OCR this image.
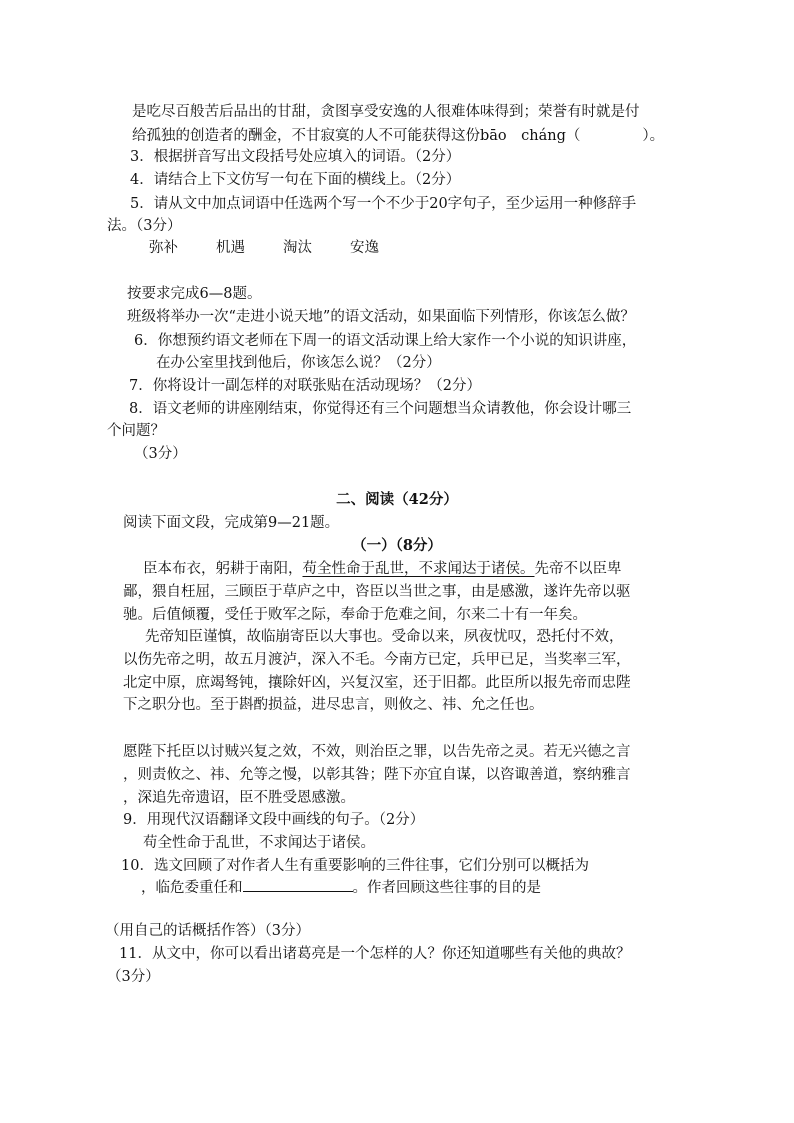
是吃尽百般苦后品出的甘甜，贪图享受安逸的人很难体味得到；荣誉有时就是付
给孤独的创造者的酬金，不甘寂寞的人不可能获得这份bāo　cháng（	）。
3．根据拼音写出文段括号处应填入的词语。（2分）
4．请结合上下文仿写一句在下面的横线上。（2分）
5．请从文中加点词语中任选两个写一个不少于20字句子，至少运用一种修辞手
法。（3分）
弥补	机遇	淘汰	安逸
按要求完成6—8题。
班级将举办一次“走进小说天地”的语文活动，如果面临下列情形，你该怎么做？
6．你想预约语文老师在下周一的语文活动课上给大家作一个小说的知识讲座，
在办公室里找到他后，你该怎么说？（2分）
7．你将设计一副怎样的对联张贴在活动现场？（2分）
8．语文老师的讲座刚结束，你觉得还有三个问题想当众请教他，你会设计哪三
个问题？
（3分）
二、阅读（42分）
阅读下面文段，完成第9—21题。
（一）（8分）
臣本布衣，躬耕于南阳，苟全性命于乱世，不求闻达于诸侯。先帝不以臣卑
鄙，猥自枉屈，三顾臣于草庐之中，咨臣以当世之事，由是感激，遂许先帝以驱
驰。后值倾覆，受任于败军之际，奉命于危难之间，尔来二十有一年矣。
先帝知臣谨慎，故临崩寄臣以大事也。受命以来，夙夜忧叹，恐托付不效，
以伤先帝之明，故五月渡泸，深入不毛。今南方已定，兵甲已足，当奖率三军，
北定中原，庶竭驽钝，攘除奸凶，兴复汉室，还于旧都。此臣所以报先帝而忠陛
下之职分也。至于斟酌损益，进尽忠言，则攸之、祎、允之任也。
愿陛下托臣以讨贼兴复之效，不效，则治臣之罪，以告先帝之灵。若无兴德之言
，则责攸之、祎、允等之慢，以彰其咎；陛下亦宜自谋，以咨诹善道，察纳雅言
，深追先帝遗诏，臣不胜受恩感激。
9．用现代汉语翻译文段中画线的句子。（2分）
苟全性命于乱世，不求闻达于诸侯。
10．选文回顾了对作者人生有重要影响的三件往事，它们分别可以概括为
，临危委重任和	。作者回顾这些往事的目的是
（用自己的话概括作答）（3分）
11．从文中，你可以看出诸葛亮是一个怎样的人？你还知道哪些有关他的典故？
（3分）
